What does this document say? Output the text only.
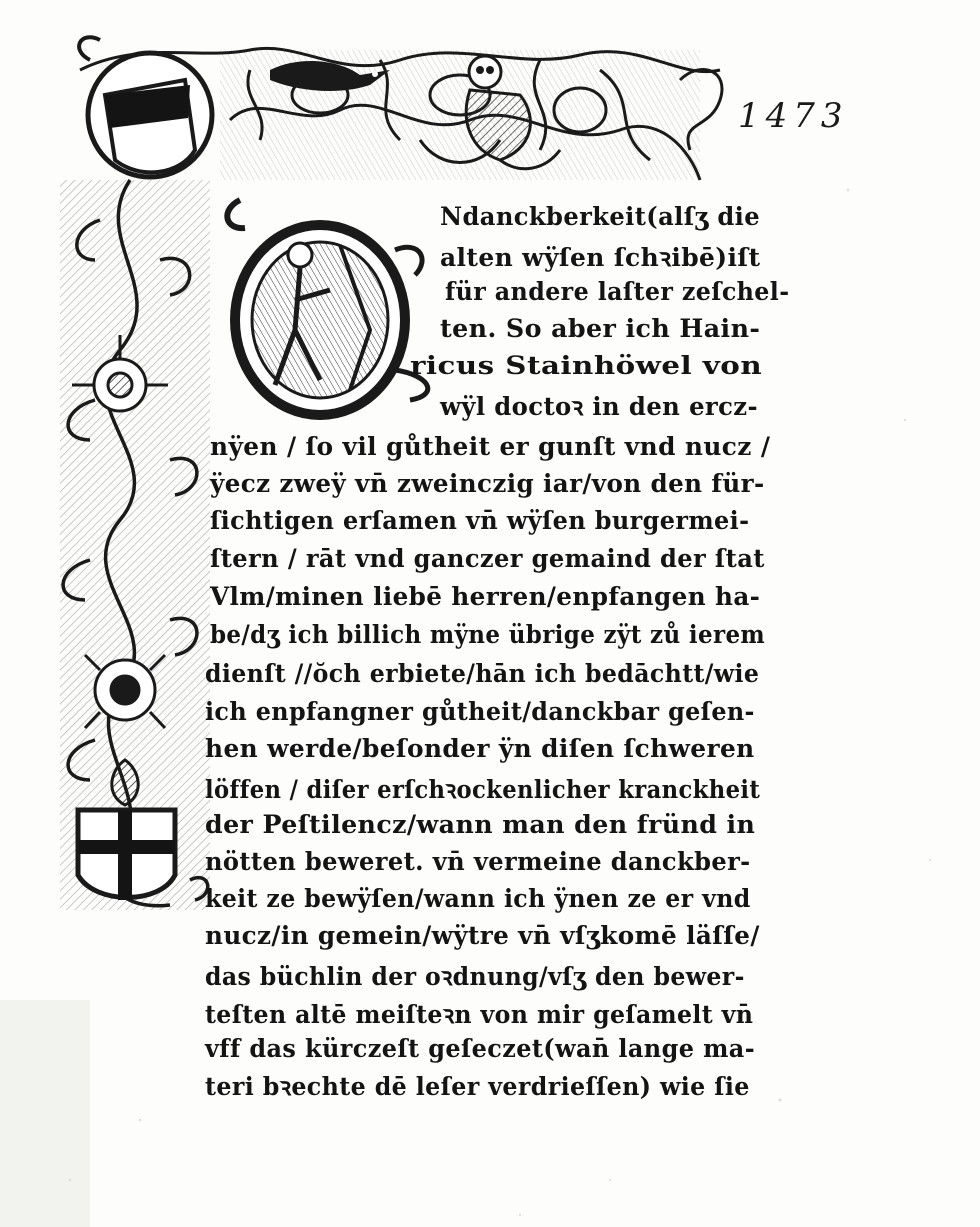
1473
Ndanckberkeit(alſʒ die
alten wÿſen ſchꝛibē)iſt
für andere laſter zeſchel-
ten. So aber ich Hain-
ricus Stainhöwel von
wÿl doctoꝛ in den ercz-
nÿen / ſo vil gůtheit er gunſt vnd nucz /
ÿecz zweÿ vn̄ zweinczig iar/von den für-
ſichtigen erſamen vn̄ wÿſen burgermei-
ſtern / rāt vnd ganczer gemaind der ſtat
Vlm/minen liebē herren/enpfangen ha-
be/dʒ ich billich mÿne übrige zÿt zů ierem
dienſt //ŏch erbiete/hān ich bedāchtt/wie
ich enpfangner gůtheit/danckbar geſen-
hen werde/beſonder ÿn diſen ſchweren
löffen / diſer erſchꝛockenlicher kranckheit
der Peſtilencz/wann man den fründ in
nötten beweret. vn̄ vermeine danckber-
keit ze bewÿſen/wann ich ÿnen ze er vnd
nucz/in gemein/wÿtre vn̄ vſʒkomē läſſe/
das büchlin der oꝛdnung/vſʒ den bewer-
teſten altē meiſteꝛn von mir geſamelt vn̄
vff das kürczeſt geſeczet(wan̄ lange ma-
teri bꝛechte dē leſer verdrieſſen) wie ſie
